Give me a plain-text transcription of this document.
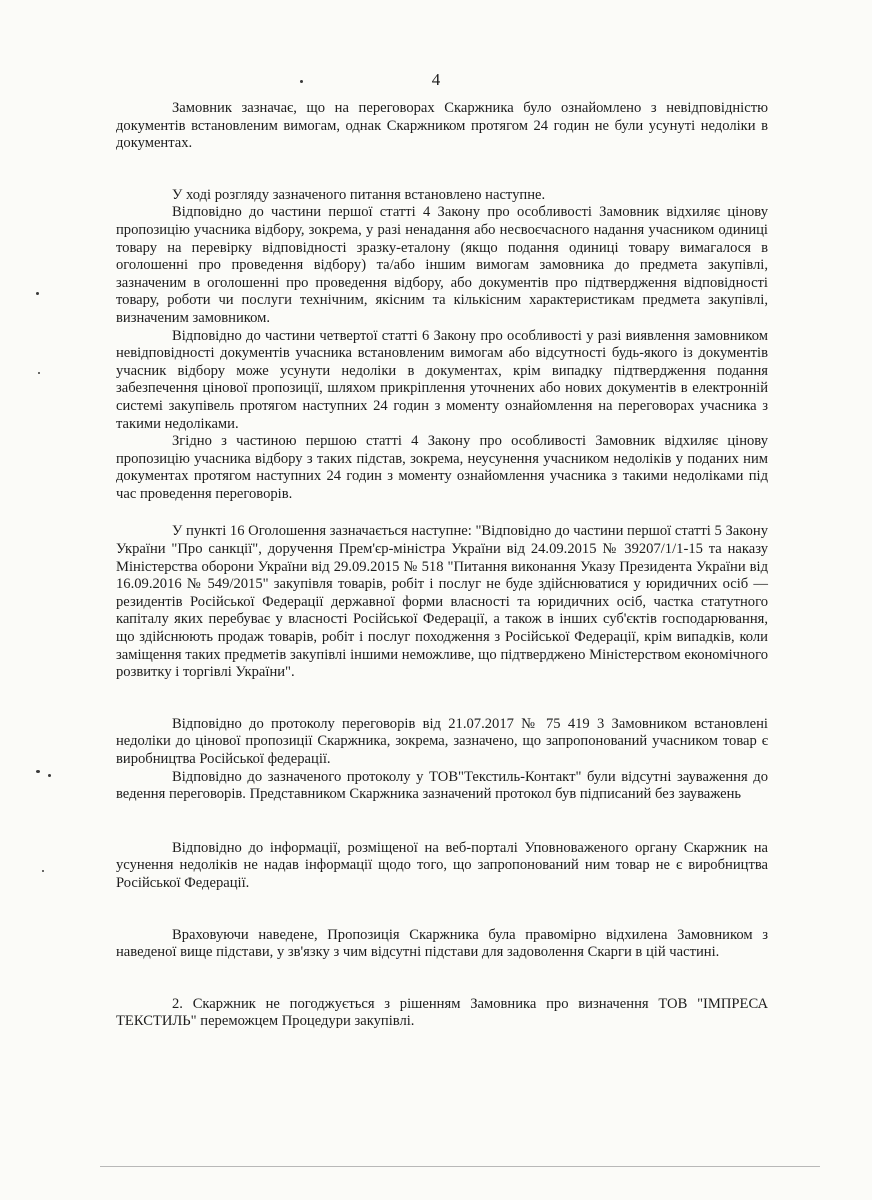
4

Замовник зазначає, що на переговорах Скаржника було ознайомлено з невідповідністю документів встановленим вимогам, однак Скаржником протягом 24 годин не були усунуті недоліки в документах.

У ході розгляду зазначеного питання встановлено наступне.

Відповідно до частини першої статті 4 Закону про особливості Замовник відхиляє цінову пропозицію учасника відбору, зокрема, у разі ненадання або несвоєчасного надання учасником одиниці товару на перевірку відповідності зразку-еталону (якщо подання одиниці товару вимагалося в оголошенні про проведення відбору) та/або іншим вимогам замовника до предмета закупівлі, зазначеним в оголошенні про проведення відбору, або документів про підтвердження відповідності товару, роботи чи послуги технічним, якісним та кількісним характеристикам предмета закупівлі, визначеним замовником.

Відповідно до частини четвертої статті 6 Закону про особливості у разі виявлення замовником невідповідності документів учасника встановленим вимогам або відсутності будь-якого із документів учасник відбору може усунути недоліки в документах, крім випадку підтвердження подання забезпечення цінової пропозиції, шляхом прикріплення уточнених або нових документів в електронній системі закупівель протягом наступних 24 годин з моменту ознайомлення на переговорах учасника з такими недоліками.

Згідно з частиною першою статті 4 Закону про особливості Замовник відхиляє цінову пропозицію учасника відбору з таких підстав, зокрема, неусунення учасником недоліків у поданих ним документах протягом наступних 24 годин з моменту ознайомлення учасника з такими недоліками під час проведення переговорів.

У пункті 16 Оголошення зазначається наступне: "Відповідно до частини першої статті 5 Закону України "Про санкції", доручення Прем'єр-міністра України від 24.09.2015 № 39207/1/1-15 та наказу Міністерства оборони України від 29.09.2015 № 518 "Питання виконання Указу Президента України від 16.09.2016 № 549/2015" закупівля товарів, робіт і послуг не буде здійснюватися у юридичних осіб — резидентів Російської Федерації державної форми власності та юридичних осіб, частка статутного капіталу яких перебуває у власності Російської Федерації, а також в інших суб'єктів господарювання, що здійснюють продаж товарів, робіт і послуг походження з Російської Федерації, крім випадків, коли заміщення таких предметів закупівлі іншими неможливе, що підтверджено Міністерством економічного розвитку і торгівлі України".

Відповідно до протоколу переговорів від 21.07.2017 № 75 419 3 Замовником встановлені недоліки до цінової пропозиції Скаржника, зокрема, зазначено, що запропонований учасником товар є виробництва Російської федерації.

Відповідно до зазначеного протоколу у ТОВ"Текстиль-Контакт" були відсутні зауваження до ведення переговорів. Представником Скаржника зазначений протокол був підписаний без зауважень

Відповідно до інформації, розміщеної на веб-порталі Уповноваженого органу Скаржник на усунення недоліків не надав інформації щодо того, що запропонований ним товар не є виробництва Російської Федерації.

Враховуючи наведене, Пропозиція Скаржника була правомірно відхилена Замовником з наведеної вище підстави, у зв'язку з чим відсутні підстави для задоволення Скарги в цій частині.

2. Скаржник не погоджується з рішенням Замовника про визначення ТОВ "ІМПРЕСА ТЕКСТИЛЬ" переможцем Процедури закупівлі.
